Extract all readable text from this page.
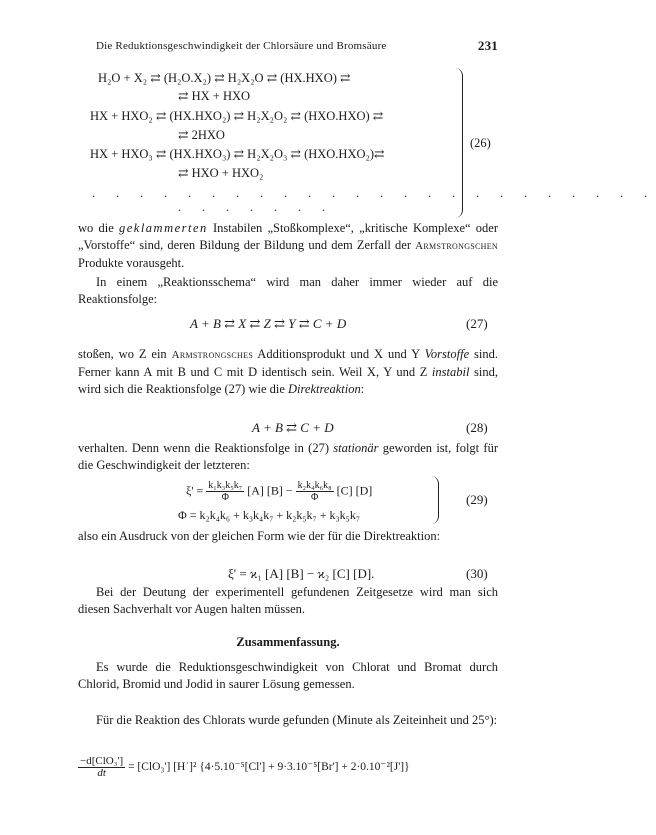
Die Reduktionsgeschwindigkeit der Chlorsäure und Bromsäure	231
H₂O + X₂ ⇄ (H₂O.X₂) ⇄ H₂X₂O ⇄ (HX.HXO) ⇄
⇄ HX + HXO
HX + HXO₂ ⇄ (HX.HXO₂) ⇄ H₂X₂O₂ ⇄ (HXO.HXO) ⇄
⇄ 2HXO
HX + HXO₃ ⇄ (HX.HXO₃) ⇄ H₂X₂O₃ ⇄ (HXO.HXO₂)⇄
⇄ HXO + HXO₂
. . . . . . . . . . . . . . . . . . . . . . . .
. . . . . . .
(26)

wo die geklammerten Instabilen „Stoßkomplexe“, „kritische Komplexe“ oder „Vorstoffe“ sind, deren Bildung der Bildung und dem Zerfall der Armstrongschen Produkte vorausgeht.

In einem „Reaktionsschema“ wird man daher immer wieder auf die Reaktionsfolge:

A + B ⇄ X ⇄ Z ⇄ Y ⇄ C + D	(27)

stoßen, wo Z ein Armstrongsches Additionsprodukt und X und Y Vorstoffe sind. Ferner kann A mit B und C mit D identisch sein. Weil X, Y und Z instabil sind, wird sich die Reaktionsfolge (27) wie die Direktreaktion:

A + B ⇄ C + D	(28)

verhalten. Denn wenn die Reaktionsfolge in (27) stationär geworden ist, folgt für die Geschwindigkeit der letzteren:

$\xi' = \frac{\text{k₁k₃k₅k₇}}{\Phi} [A] [B] - \frac{\text{k₂k₄k₆k₈}}{\Phi} [C]$ [D]
Φ = k₂k₄k₆ + k₃k₄k₇ + k₂k₅k₇ + k₃k₅k₇
(29)

also ein Ausdruck von der gleichen Form wie der für die Direktreaktion:

ξ' = ϰ₁ [A] [B] − ϰ₂ [C] [D].	(30)

Bei der Deutung der experimentell gefundenen Zeitgesetze wird man sich diesen Sachverhalt vor Augen halten müssen.

Zusammenfassung.

Es wurde die Reduktionsgeschwindigkeit von Chlorat und Bromat durch Chlorid, Bromid und Jodid in saurer Lösung gemessen.

Für die Reaktion des Chlorats wurde gefunden (Minute als Zeiteinheit und 25°):

$\frac{\text{−d[ClO₃']}}{dt} = [ClO_3']$ [H˙]² {4·5.10⁻⁵[Cl'] + 9·3.10⁻⁵[Br'] + 2·0.10⁻²[J']}
